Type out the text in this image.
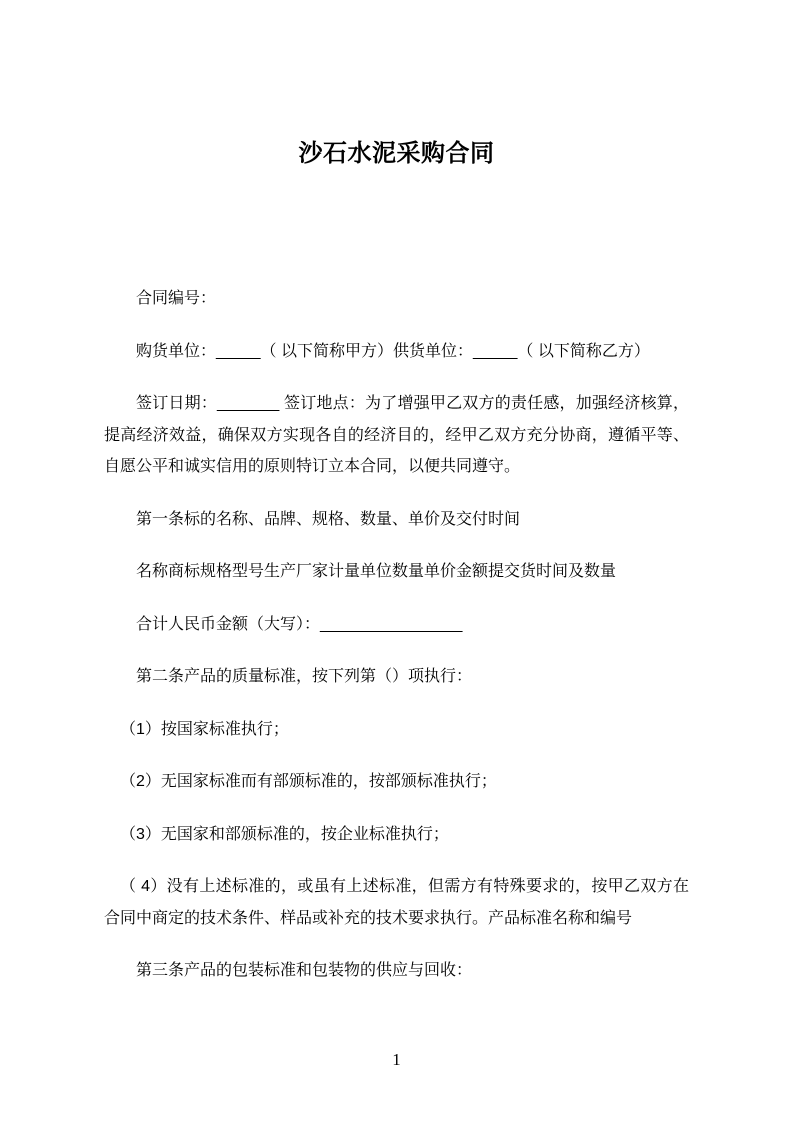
沙石水泥采购合同

合同编号：

购货单位：_____（ 以下简称甲方）供货单位：_____（ 以下简称乙方）

签订日期：_______ 签订地点：为了增强甲乙双方的责任感，加强经济核算，提高经济效益，确保双方实现各自的经济目的，经甲乙双方充分协商，遵循平等、自愿公平和诚实信用的原则特订立本合同，以便共同遵守。

第一条标的名称、品牌、规格、数量、单价及交付时间

名称商标规格型号生产厂家计量单位数量单价金额提交货时间及数量

合计人民币金额（大写）：________________

第二条产品的质量标准，按下列第（）项执行：

（1）按国家标准执行；

（2）无国家标准而有部颁标准的，按部颁标准执行；

（3）无国家和部颁标准的，按企业标准执行；

（ 4）没有上述标准的，或虽有上述标准，但需方有特殊要求的，按甲乙双方在合同中商定的技术条件、样品或补充的技术要求执行。产品标准名称和编号

第三条产品的包装标准和包装物的供应与回收：

1
